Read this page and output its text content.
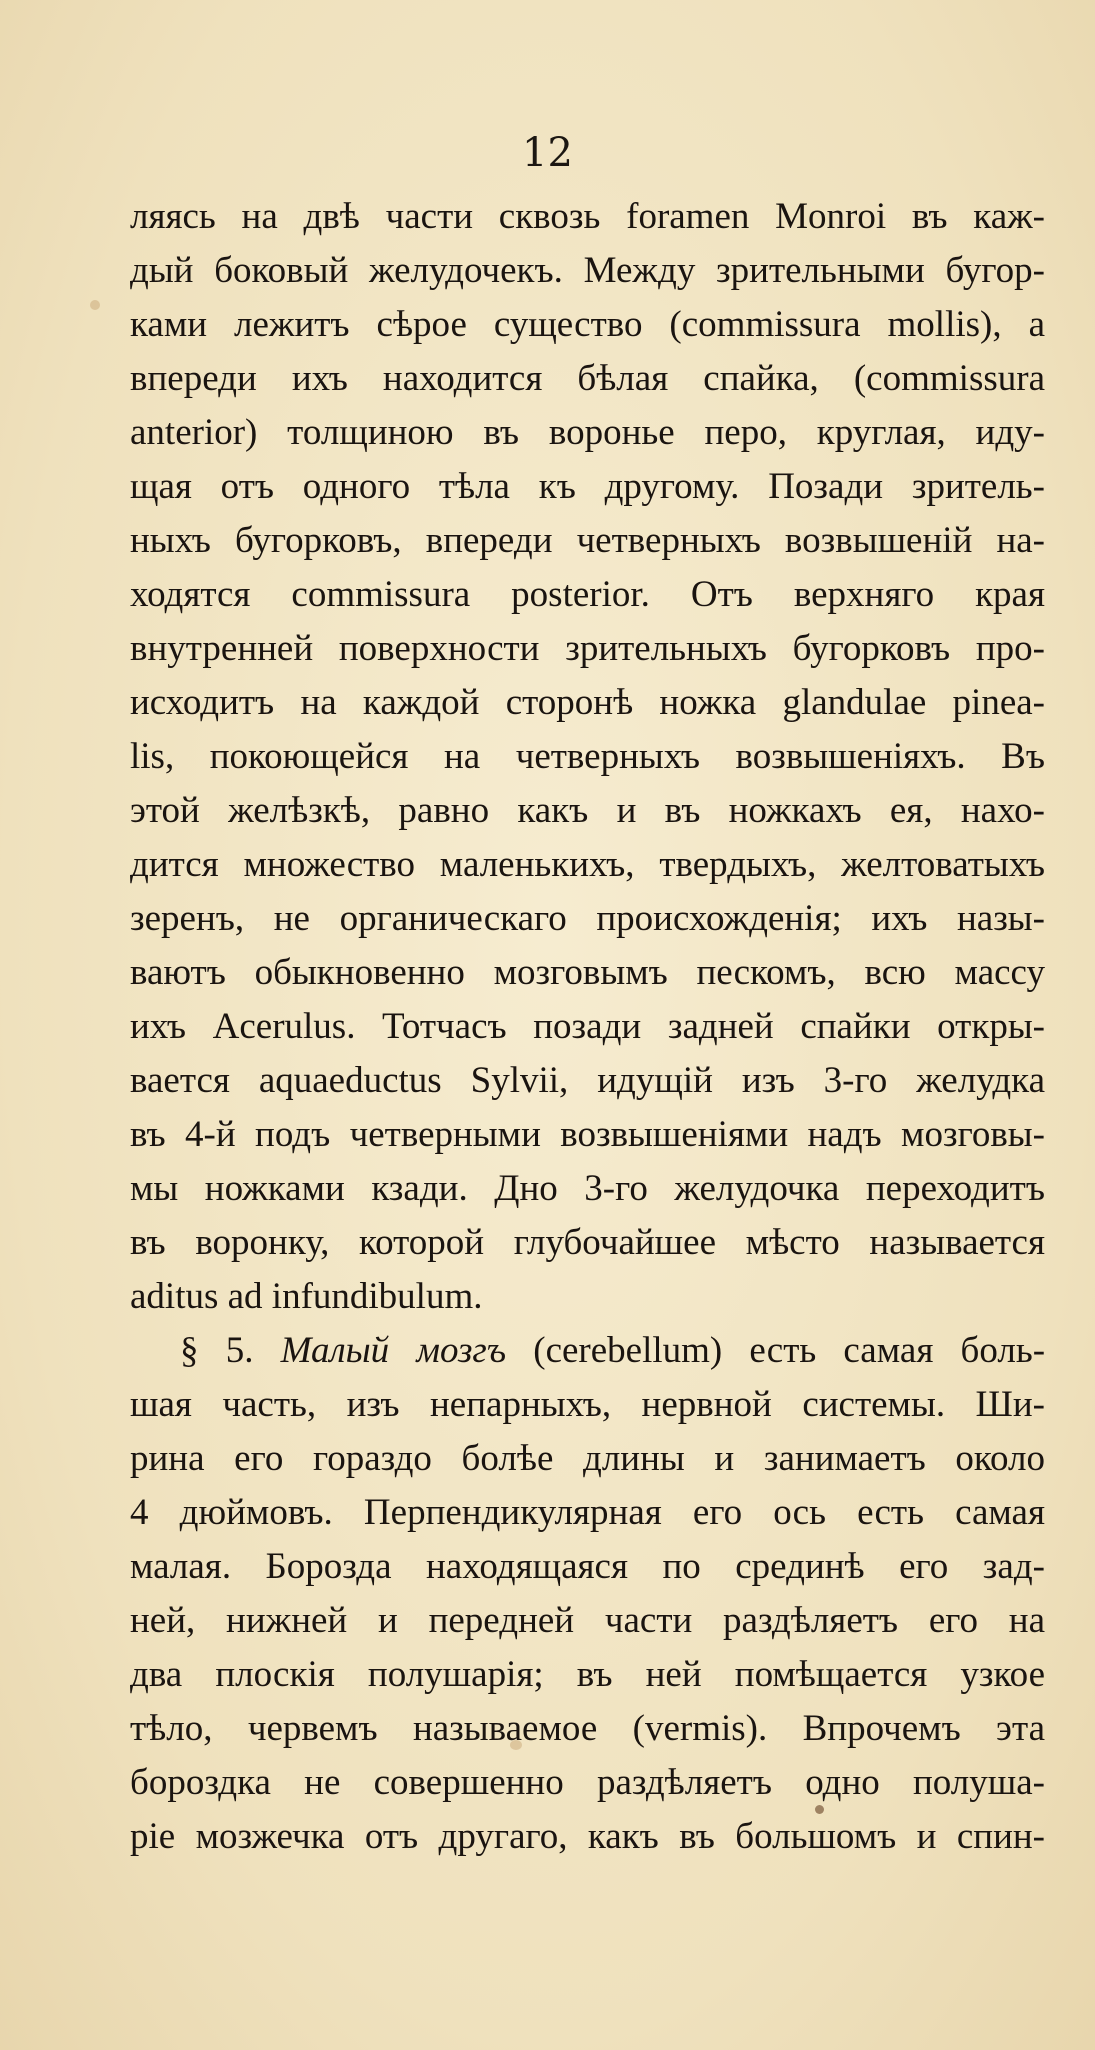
12
ляясь на двѣ части сквозь foramen Monroi въ каж-
дый боковый желудочекъ. Между зрительными бугор-
ками лежитъ сѣрое существо (commissura mollis), а
впереди ихъ находится бѣлая спайка, (commissura
anterior) толщиною въ воронье перо, круглая, иду-
щая отъ одного тѣла къ другому. Позади зритель-
ныхъ бугорковъ, впереди четверныхъ возвышеній на-
ходятся commissura posterior. Отъ верхняго края
внутренней поверхности зрительныхъ бугорковъ про-
исходитъ на каждой сторонѣ ножка glandulae pinea-
lis, покоющейся на четверныхъ возвышеніяхъ. Въ
этой желѣзкѣ, равно какъ и въ ножкахъ ея, нахо-
дится множество маленькихъ, твердыхъ, желтоватыхъ
зеренъ, не органическаго происхожденія; ихъ назы-
ваютъ обыкновенно мозговымъ пескомъ, всю массу
ихъ Acerulus. Тотчасъ позади задней спайки откры-
вается aquaeductus Sylvii, идущій изъ 3-го желудка
въ 4-й подъ четверными возвышеніями надъ мозговы-
мы ножками кзади. Дно 3-го желудочка переходитъ
въ воронку, которой глубочайшее мѣсто называется
aditus ad infundibulum.
§ 5. Малый мозгъ (cerebellum) есть самая боль-
шая часть, изъ непарныхъ, нервной системы. Ши-
рина его гораздо болѣе длины и занимаетъ около
4 дюймовъ. Перпендикулярная его ось есть самая
малая. Борозда находящаяся по срединѣ его зад-
ней, нижней и передней части раздѣляетъ его на
два плоскія полушарія; въ ней помѣщается узкое
тѣло, червемъ называемое (vermis). Впрочемъ эта
бороздка не совершенно раздѣляетъ одно полуша-
ріе мозжечка отъ другаго, какъ въ большомъ и спин-
